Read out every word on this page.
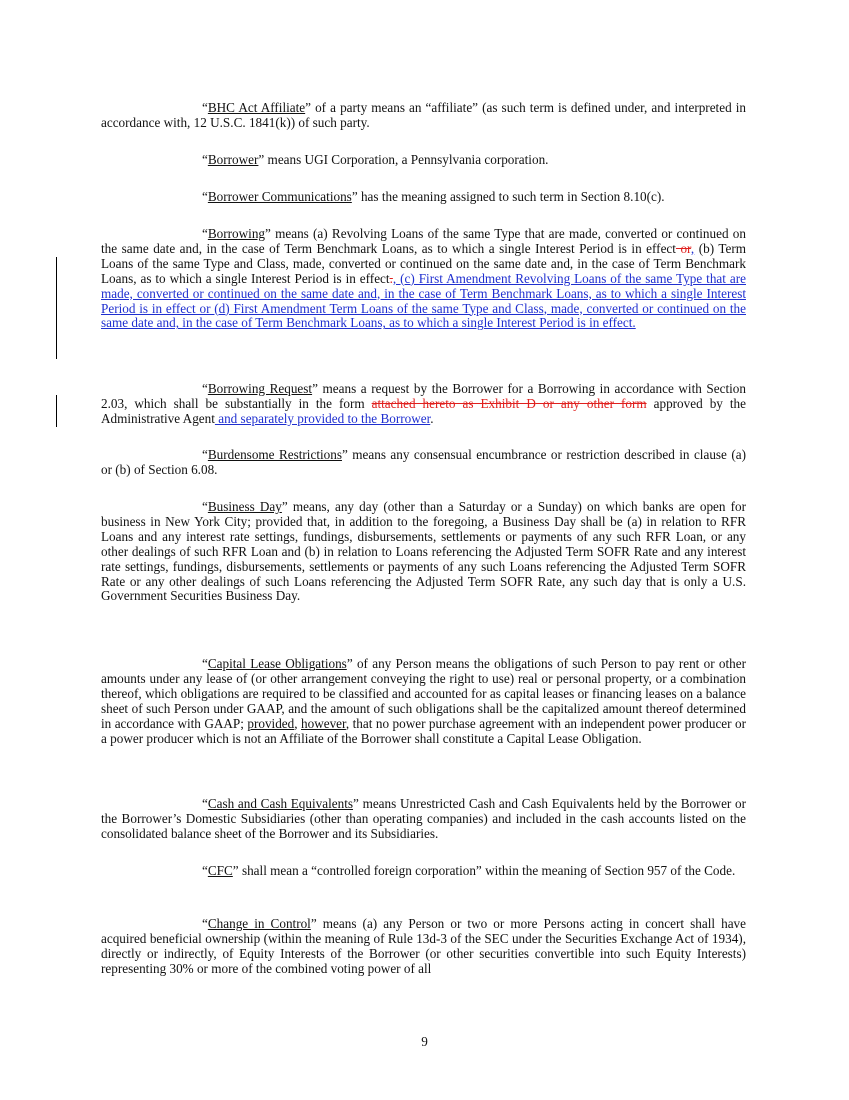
“BHC Act Affiliate” of a party means an “affiliate” (as such term is defined under, and interpreted in accordance with, 12 U.S.C. 1841(k)) of such party.

“Borrower” means UGI Corporation, a Pennsylvania corporation.

“Borrower Communications” has the meaning assigned to such term in Section 8.10(c).

“Borrowing” means (a) Revolving Loans of the same Type that are made, converted or continued on the same date and, in the case of Term Benchmark Loans, as to which a single Interest Period is in effect or, (b) Term Loans of the same Type and Class, made, converted or continued on the same date and, in the case of Term Benchmark Loans, as to which a single Interest Period is in effect., (c) First Amendment Revolving Loans of the same Type that are made, converted or continued on the same date and, in the case of Term Benchmark Loans, as to which a single Interest Period is in effect or (d) First Amendment Term Loans of the same Type and Class, made, converted or continued on the same date and, in the case of Term Benchmark Loans, as to which a single Interest Period is in effect.

“Borrowing Request” means a request by the Borrower for a Borrowing in accordance with Section 2.03, which shall be substantially in the form attached hereto as Exhibit D or any other form approved by the Administrative Agent and separately provided to the Borrower.

“Burdensome Restrictions” means any consensual encumbrance or restriction described in clause (a) or (b) of Section 6.08.

“Business Day” means, any day (other than a Saturday or a Sunday) on which banks are open for business in New York City; provided that, in addition to the foregoing, a Business Day shall be (a) in relation to RFR Loans and any interest rate settings, fundings, disbursements, settlements or payments of any such RFR Loan, or any other dealings of such RFR Loan and (b) in relation to Loans referencing the Adjusted Term SOFR Rate and any interest rate settings, fundings, disbursements, settlements or payments of any such Loans referencing the Adjusted Term SOFR Rate or any other dealings of such Loans referencing the Adjusted Term SOFR Rate, any such day that is only a U.S. Government Securities Business Day.

“Capital Lease Obligations” of any Person means the obligations of such Person to pay rent or other amounts under any lease of (or other arrangement conveying the right to use) real or personal property, or a combination thereof, which obligations are required to be classified and accounted for as capital leases or financing leases on a balance sheet of such Person under GAAP, and the amount of such obligations shall be the capitalized amount thereof determined in accordance with GAAP; provided, however, that no power purchase agreement with an independent power producer or a power producer which is not an Affiliate of the Borrower shall constitute a Capital Lease Obligation.

“Cash and Cash Equivalents” means Unrestricted Cash and Cash Equivalents held by the Borrower or the Borrower’s Domestic Subsidiaries (other than operating companies) and included in the cash accounts listed on the consolidated balance sheet of the Borrower and its Subsidiaries.

“CFC” shall mean a “controlled foreign corporation” within the meaning of Section 957 of the Code.

“Change in Control” means (a) any Person or two or more Persons acting in concert shall have acquired beneficial ownership (within the meaning of Rule 13d-3 of the SEC under the Securities Exchange Act of 1934), directly or indirectly, of Equity Interests of the Borrower (or other securities convertible into such Equity Interests) representing 30% or more of the combined voting power of all

9
